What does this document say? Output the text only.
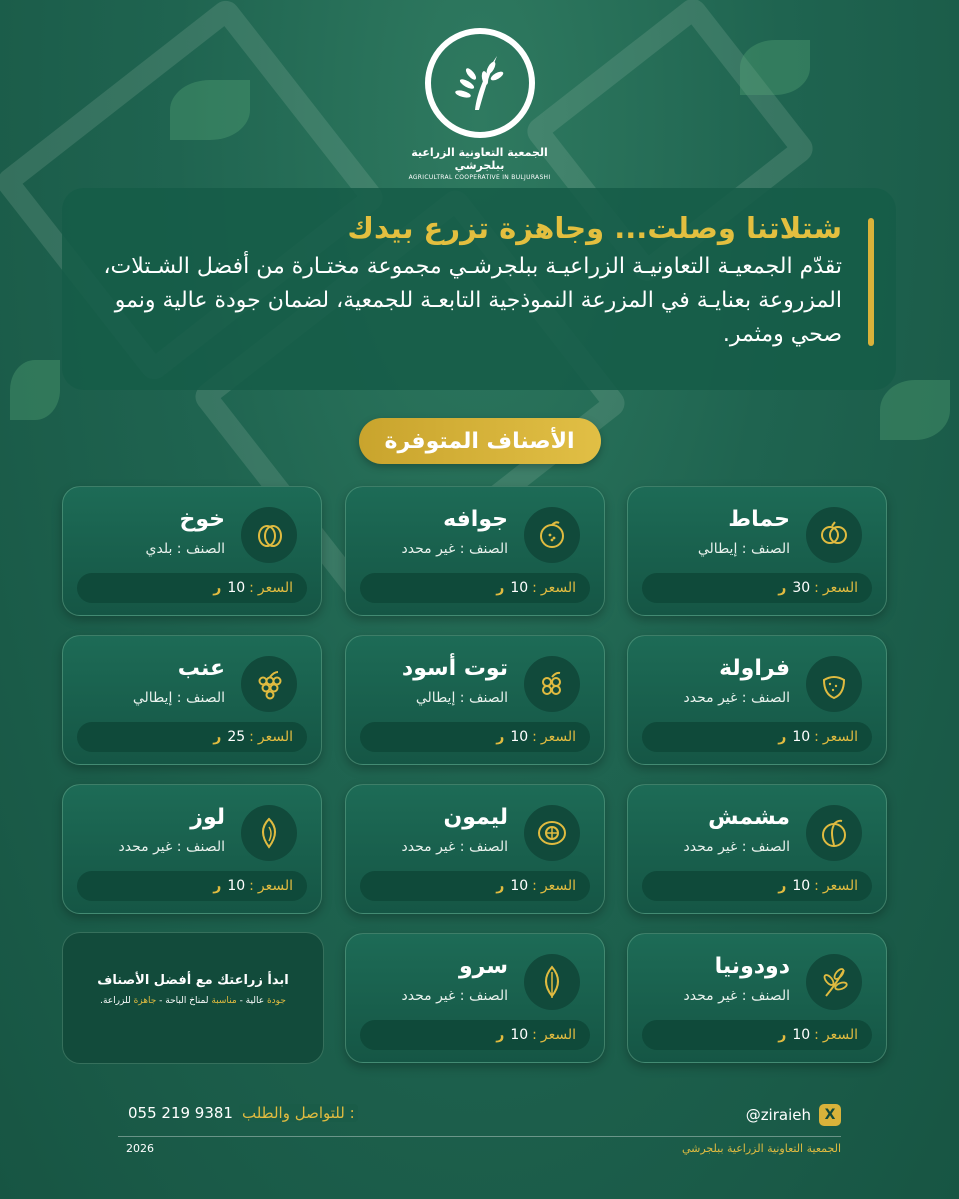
الجمعية التعاونية الزراعية ببلجرشي
AGRICULTRAL COOPERATIVE IN BULJURASHI
شتلاتنا وصلت... وجاهزة تزرع بيدك
تقدّم الجمعيـة التعاونيـة الزراعيـة ببلجرشـي مجموعة مختـارة من أفضل الشـتلات، المزروعة بعنايـة في المزرعة النموذجية التابعـة للجمعية، لضمان جودة عالية ونمو صحي ومثمر.
الأصناف المتوفرة
حماط
الصنف : إيطالي
السعر
:
30
ر
جوافه
الصنف : غير محدد
السعر
:
10
ر
خوخ
الصنف : بلدي
السعر
:
10
ر
فراولة
الصنف : غير محدد
السعر
:
10
ر
توت أسود
الصنف : إيطالي
السعر
:
10
ر
عنب
الصنف : إيطالي
السعر
:
25
ر
مشمش
الصنف : غير محدد
السعر
:
10
ر
ليمون
الصنف : غير محدد
السعر
:
10
ر
لوز
الصنف : غير محدد
السعر
:
10
ر
دودونيا
الصنف : غير محدد
السعر
:
10
ر
سرو
الصنف : غير محدد
السعر
:
10
ر
ابدأ زراعتك مع أفضل الأصناف
جودة عالية - مناسبة لمناخ الباحة - جاهزة للزراعة.
055 219 9381 للتواصل والطلب :	@ziraieh X
2026	الجمعية التعاونية الزراعية ببلجرشي
